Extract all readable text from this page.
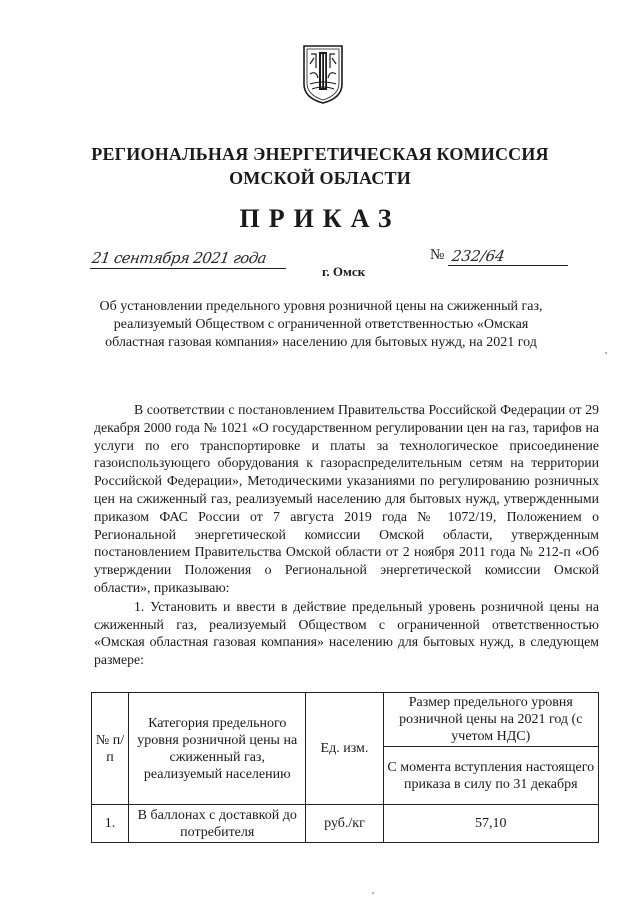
РЕГИОНАЛЬНАЯ ЭНЕРГЕТИЧЕСКАЯ КОМИССИЯ
ОМСКОЙ ОБЛАСТИ
ПРИКАЗ
21 сентября 2021 года
г. Омск
№ 232/64
Об установлении предельного уровня розничной цены на сжиженный газ, реализуемый Обществом с ограниченной ответственностью «Омская областная газовая компания» населению для бытовых нужд, на 2021 год

В соответствии с постановлением Правительства Российской Федерации от 29 декабря 2000 года № 1021 «О государственном регулировании цен на газ, тарифов на услуги по его транспортировке и платы за технологическое присоединение газоиспользующего оборудования к газораспределительным сетям на территории Российской Федерации», Методическими указаниями по регулированию розничных цен на сжиженный газ, реализуемый населению для бытовых нужд, утвержденными приказом ФАС России от 7 августа 2019 года № 1072/19, Положением о Региональной энергетической комиссии Омской области, утвержденным постановлением Правительства Омской области от 2 ноября 2011 года № 212-п «Об утверждении Положения о Региональной энергетической комиссии Омской области», приказываю:

1. Установить и ввести в действие предельный уровень розничной цены на сжиженный газ, реализуемый Обществом с ограниченной ответственностью «Омская областная газовая компания» населению для бытовых нужд, в следующем размере:

№ п/п	Категория предельного уровня розничной цены на сжиженный газ, реализуемый населению	Ед. изм.	Размер предельного уровня розничной цены на 2021 год (с учетом НДС)
			С момента вступления настоящего приказа в силу по 31 декабря
1.	В баллонах с доставкой до потребителя	руб./кг	57,10
